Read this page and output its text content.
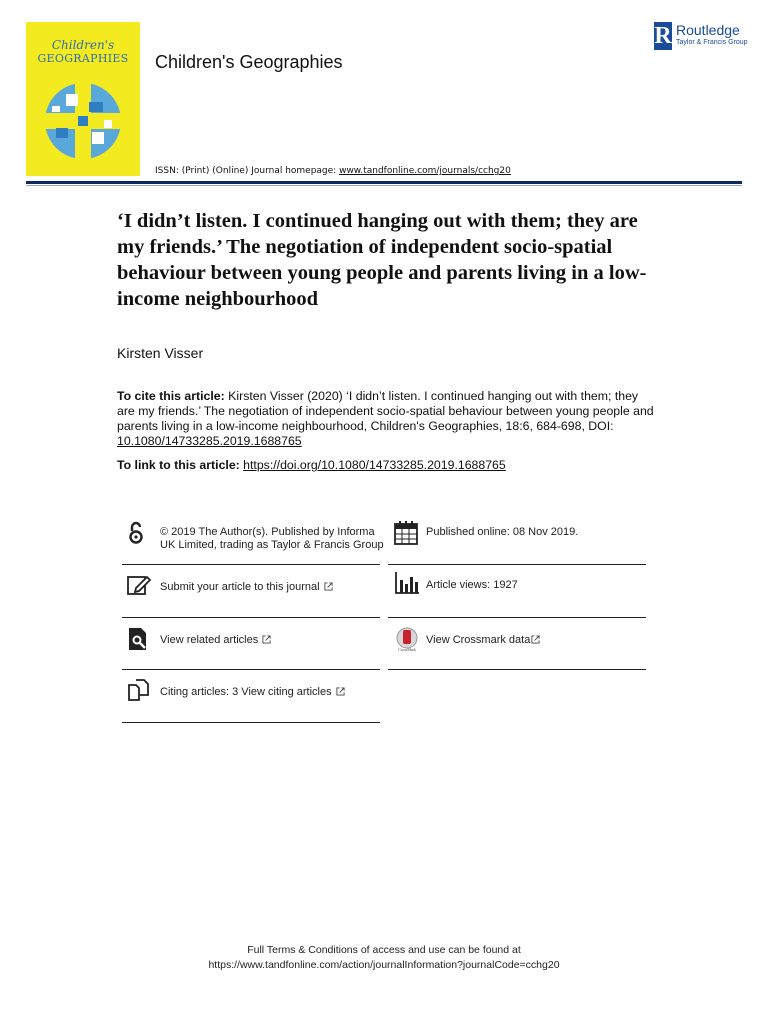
Children's
GEOGRAPHIES	Children's Geographies
R Routledge
Taylor & Francis Group
ISSN: (Print) (Online) Journal homepage: www.tandfonline.com/journals/cchg20
‘I didn’t listen. I continued hanging out with them; they are my friends.’ The negotiation of independent socio-spatial behaviour between young people and parents living in a low-income neighbourhood
Kirsten Visser
To cite this article: Kirsten Visser (2020) ‘I didn’t listen. I continued hanging out with them; they are my friends.’ The negotiation of independent socio-spatial behaviour between young people and parents living in a low-income neighbourhood, Children's Geographies, 18:6, 684-698, DOI: 10.1080/14733285.2019.1688765
To link to this article: https://doi.org/10.1080/14733285.2019.1688765
© 2019 The Author(s). Published by Informa UK Limited, trading as Taylor & Francis Group
Submit your article to this journal
View related articles
Citing articles: 3 View citing articles
Published online: 08 Nov 2019.
Article views: 1927
CrossMark
View Crossmark data
Full Terms & Conditions of access and use can be found at
https://www.tandfonline.com/action/journalInformation?journalCode=cchg20
